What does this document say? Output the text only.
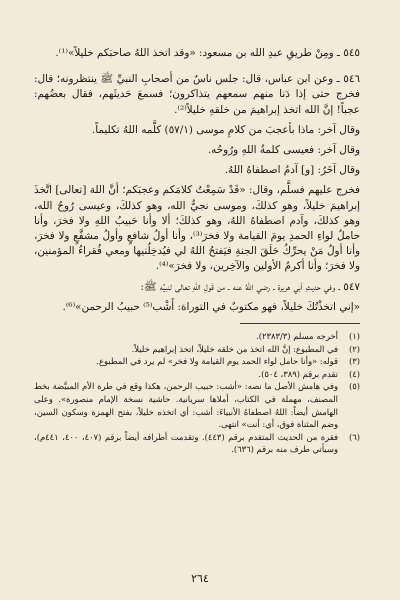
٥٤٥ ـ ومِنْ طريقِ عبدِ الله بن مسعود: «وقد اتخذ اللهُ صاحبَكم خليلاً»⁽¹⁾.

٥٤٦ ـ وعن ابن عباس، قال: جلس ناسٌ من أصحابِ النبيِّ ﷺ ينتظرونه؛ قال: فخرج حتى إذا دَنا منهم سمعهم يتذاكرون؛ فسمعَ حَديثَهم، فقال بعضُهم: عجباً! إنَّ الله اتخذ إبراهيمَ من خلقهِ خليلاً⁽²⁾.

وقال آخر: ماذا بأعجبَ من كلامِ موسى (٥٧/١) كلَّمه اللهُ تكليماً.

وقال آخر: فعيسى كلمةُ اللهِ ورُوحُه.

وقال آخَرُ: [و] آدمُ اصطفاهُ اللهُ.

فخرج عليهم فسلَّم، وقال: «قَدْ سَمِعْتُ كلامَكم وعجبَكم؛ أنَّ اللهَ [تعالى] اتَّخذَ إبراهيمَ خليلاً، وهو كذلكَ، وموسى نجيُّ الله، وهو كذلكَ، وعيسى رُوحُ الله، وهو كذلكَ، وآدم اصطفاهُ اللهُ، وهو كذلكَ؛ ألا وأنا حَبيبُ اللهِ ولا فخرَ، وأنا حاملُ لواءِ الحمدِ يومَ القيامة ولا فخرَ⁽³⁾، وأنا أولُ شافعٍ وأولُ مشفَّعٍ ولا فخرَ، وأنا أولُ مَنْ يحرِّكُ حَلَقَ الجنةِ فيَفتحُ اللهُ لي فيُدخِلُنيها ومعي فُقراءُ المؤمنين، ولا فخرَ؛ وأنا أكرمُ الأولين والآخِرين، ولا فخرَ»⁽⁴⁾.

٥٤٧ ـ وفي حديثِ أبي هريرة ـ رضي اللهُ عنه ـ من قَولِ اللهِ تعالى لنبيِّه ﷺ:

«إني اتخذْتُكَ خليلاً، فهو مكتوبٌ في التوراة: أَشْب⁽⁵⁾ حبيبُ الرحمن»⁽⁶⁾.

(١)
أخرجه مسلم (٢٣٨٣/٣).
(٢)
في المطبوع: إنَّ الله اتخذ من خلقه خليلاً، اتخذ إبراهيم خليلاً.
(٣)
قوله: «وأنا حامل لواء الحمد يوم القيامة ولا فخر» لم يرد في المطبوع.
(٤)
تقدم برقم (٣٨٩، ٥٠٤).
(٥)
وفي هامش الأصل ما نصه: «أشب: حبيب الرحمن، هكذا وقع في طرة الأم المبيَّضة بخط المصنف، مهملة في الكتاب، أملاها سريانية. حاشية نسخة الإمام منصورة». وعلى الهامش أيضاً: اللهُ اصطفاهُ الأنبياءَ: أشب: أي اتخذه خليلاً، بفتح الهمزة وسكون السين، وضم المثناة فوق، أي: أنت» انتهى.
(٦)
فقرة من الحديث المتقدم برقم (٤٤٣). وتقدمت أطرافه أيضاً برقم (٤٠٧، ٤٠٠، ٤٤١م)، وسيأتي طرف منه برقم (٦٣٦).
٢٦٤
